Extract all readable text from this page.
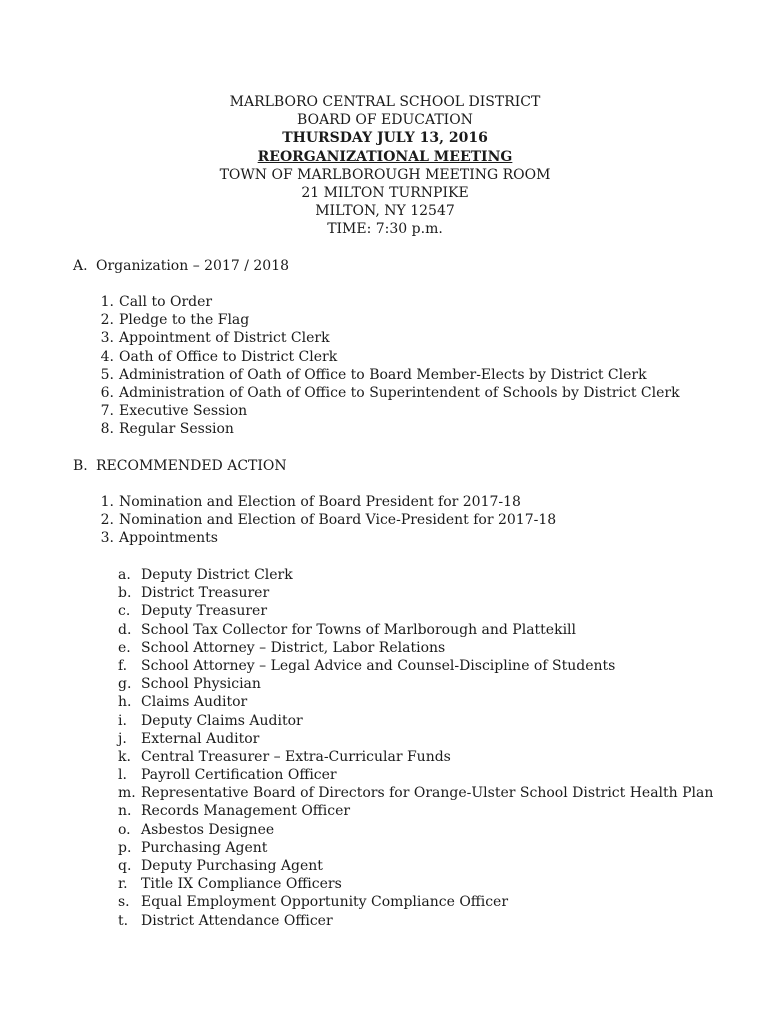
MARLBORO CENTRAL SCHOOL DISTRICT
BOARD OF EDUCATION
THURSDAY JULY 13, 2016
REORGANIZATIONAL MEETING
TOWN OF MARLBOROUGH MEETING ROOM
21 MILTON TURNPIKE
MILTON, NY 12547
TIME: 7:30 p.m.
A. Organization – 2017 / 2018
1. Call to Order
2. Pledge to the Flag
3. Appointment of District Clerk
4. Oath of Office to District Clerk
5. Administration of Oath of Office to Board Member-Elects by District Clerk
6. Administration of Oath of Office to Superintendent of Schools by District Clerk
7. Executive Session
8. Regular Session
B. RECOMMENDED ACTION
1. Nomination and Election of Board President for 2017-18
2. Nomination and Election of Board Vice-President for 2017-18
3. Appointments
a. Deputy District Clerk
b. District Treasurer
c. Deputy Treasurer
d. School Tax Collector for Towns of Marlborough and Plattekill
e. School Attorney – District, Labor Relations
f. School Attorney – Legal Advice and Counsel-Discipline of Students
g. School Physician
h. Claims Auditor
i. Deputy Claims Auditor
j. External Auditor
k. Central Treasurer – Extra-Curricular Funds
l. Payroll Certification Officer
m. Representative Board of Directors for Orange-Ulster School District Health Plan
n. Records Management Officer
o. Asbestos Designee
p. Purchasing Agent
q. Deputy Purchasing Agent
r. Title IX Compliance Officers
s. Equal Employment Opportunity Compliance Officer
t. District Attendance Officer
